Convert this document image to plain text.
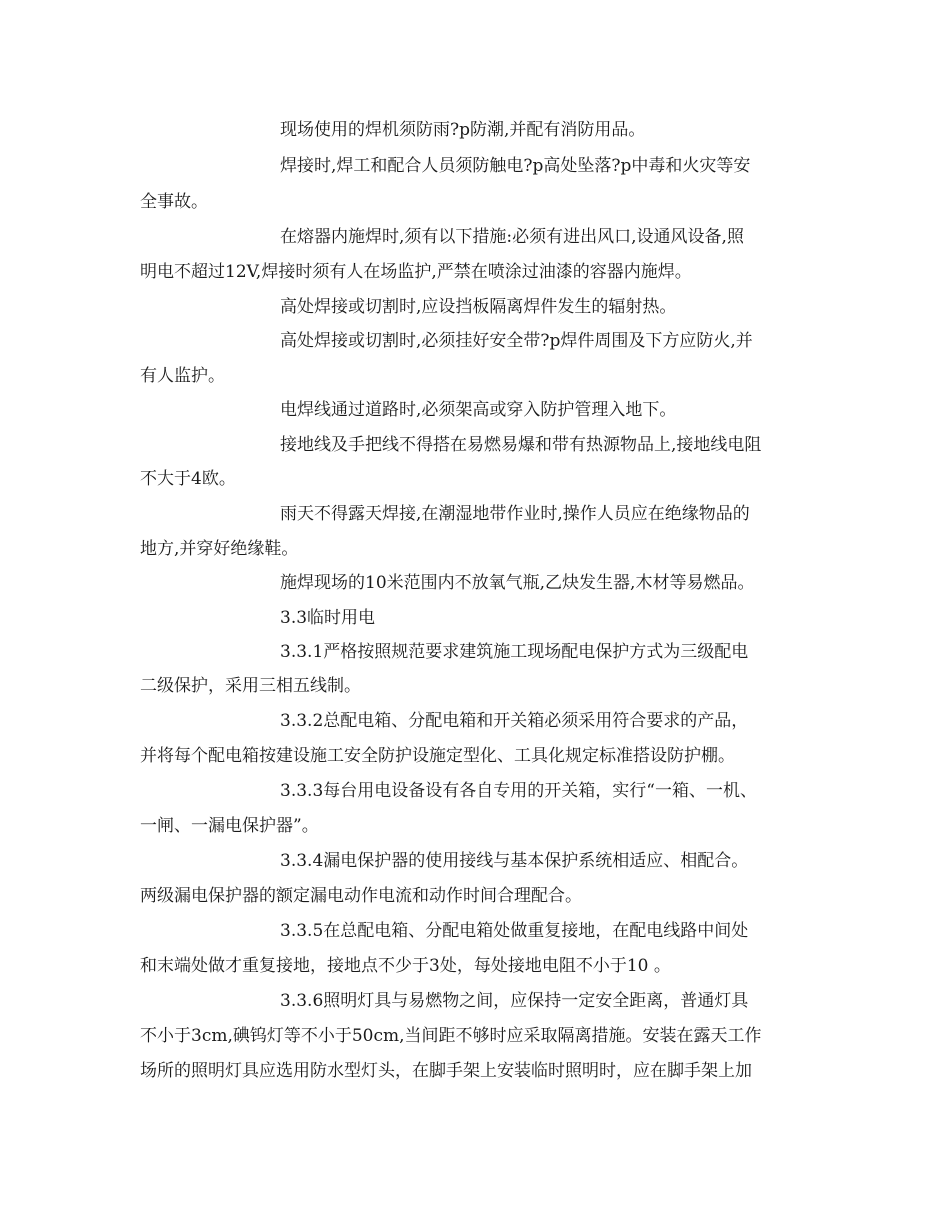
现场使用的焊机须防雨?p防潮,并配有消防用品。
焊接时,焊工和配合人员须防触电?p高处坠落?p中毒和火灾等安
全事故。
在熔器内施焊时,须有以下措施:必须有进出风口,设通风设备,照
明电不超过12V,焊接时须有人在场监护,严禁在喷涂过油漆的容器内施焊。
高处焊接或切割时,应设挡板隔离焊件发生的辐射热。
高处焊接或切割时,必须挂好安全带?p焊件周围及下方应防火,并
有人监护。
电焊线通过道路时,必须架高或穿入防护管理入地下。
接地线及手把线不得搭在易燃易爆和带有热源物品上,接地线电阻
不大于4欧。
雨天不得露天焊接,在潮湿地带作业时,操作人员应在绝缘物品的
地方,并穿好绝缘鞋。
施焊现场的10米范围内不放氧气瓶,乙炔发生器,木材等易燃品。
3.3临时用电
3.3.1严格按照规范要求建筑施工现场配电保护方式为三级配电
二级保护，采用三相五线制。
3.3.2总配电箱、分配电箱和开关箱必须采用符合要求的产品，
并将每个配电箱按建设施工安全防护设施定型化、工具化规定标准搭设防护棚。
3.3.3每台用电设备设有各自专用的开关箱，实行“一箱、一机、
一闸、一漏电保护器”。
3.3.4漏电保护器的使用接线与基本保护系统相适应、相配合。
两级漏电保护器的额定漏电动作电流和动作时间合理配合。
3.3.5在总配电箱、分配电箱处做重复接地，在配电线路中间处
和末端处做才重复接地，接地点不少于3处，每处接地电阻不小于10 。
3.3.6照明灯具与易燃物之间，应保持一定安全距离，普通灯具
不小于3cm,碘钨灯等不小于50cm,当间距不够时应采取隔离措施。安装在露天工作
场所的照明灯具应选用防水型灯头，在脚手架上安装临时照明时，应在脚手架上加
